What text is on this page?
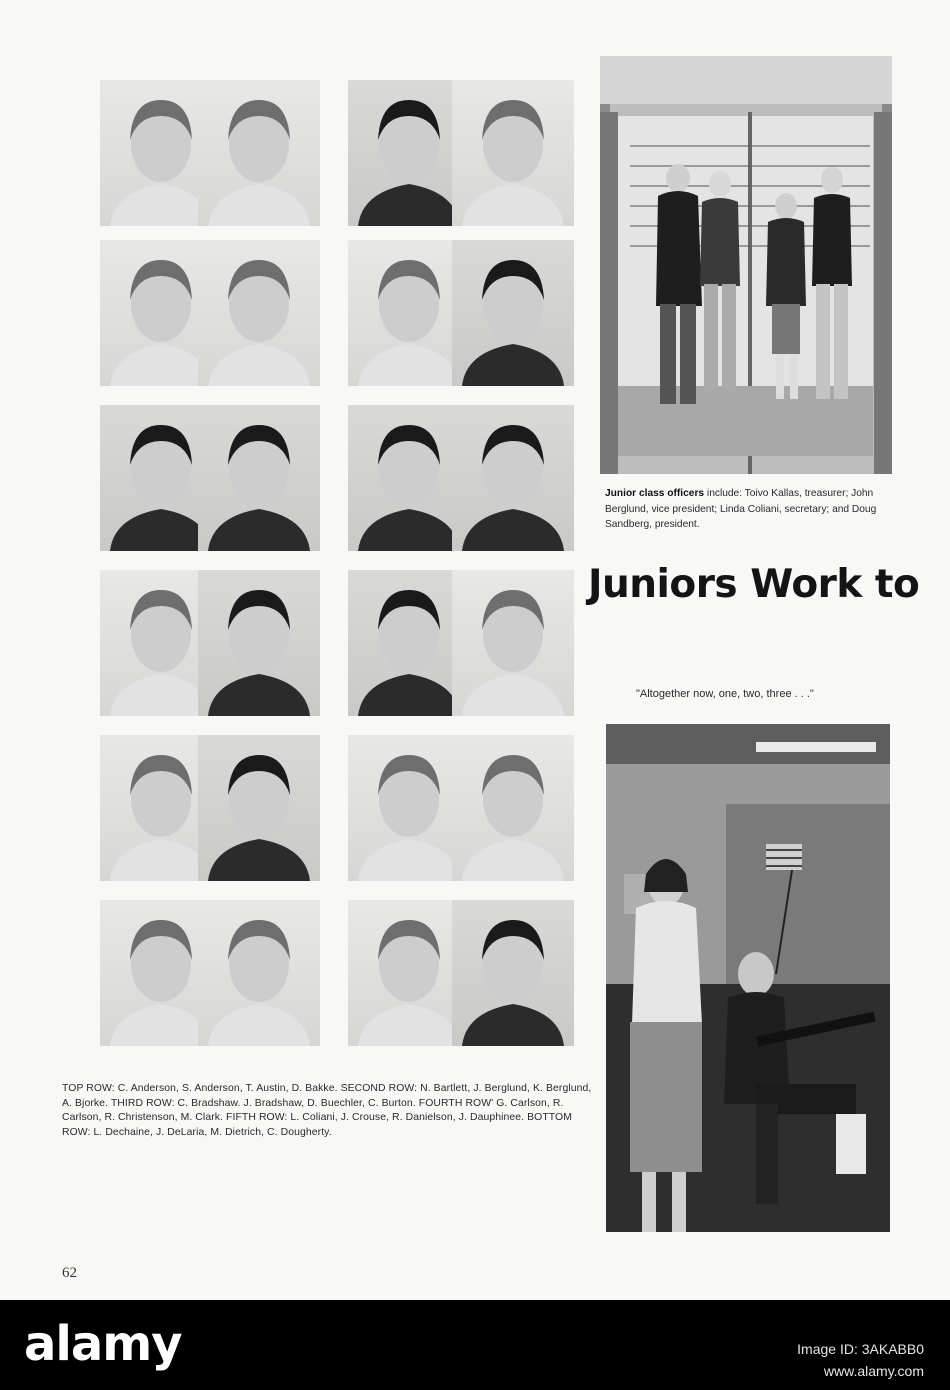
TOP ROW: C. Anderson, S. Anderson, T. Austin, D. Bakke. SECOND ROW: N. Bartlett, J. Berglund, K. Berglund, A. Bjorke. THIRD ROW: C. Bradshaw. J. Bradshaw, D. Buechler, C. Burton. FOURTH ROW' G. Carlson, R. Carlson, R. Christenson, M. Clark. FIFTH ROW: L. Coliani, J. Crouse, R. Danielson, J. Dauphinee. BOTTOM ROW: L. Dechaine, J. DeLaria, M. Dietrich, C. Dougherty.
62
Junior class officers include: Toivo Kallas, treasurer; John Berglund, vice president; Linda Coliani, secretary; and Doug Sandberg, president.
Juniors Work to
"Altogether now, one, two, three . . ."
alamy	Image ID: 3AKABB0
www.alamy.com
